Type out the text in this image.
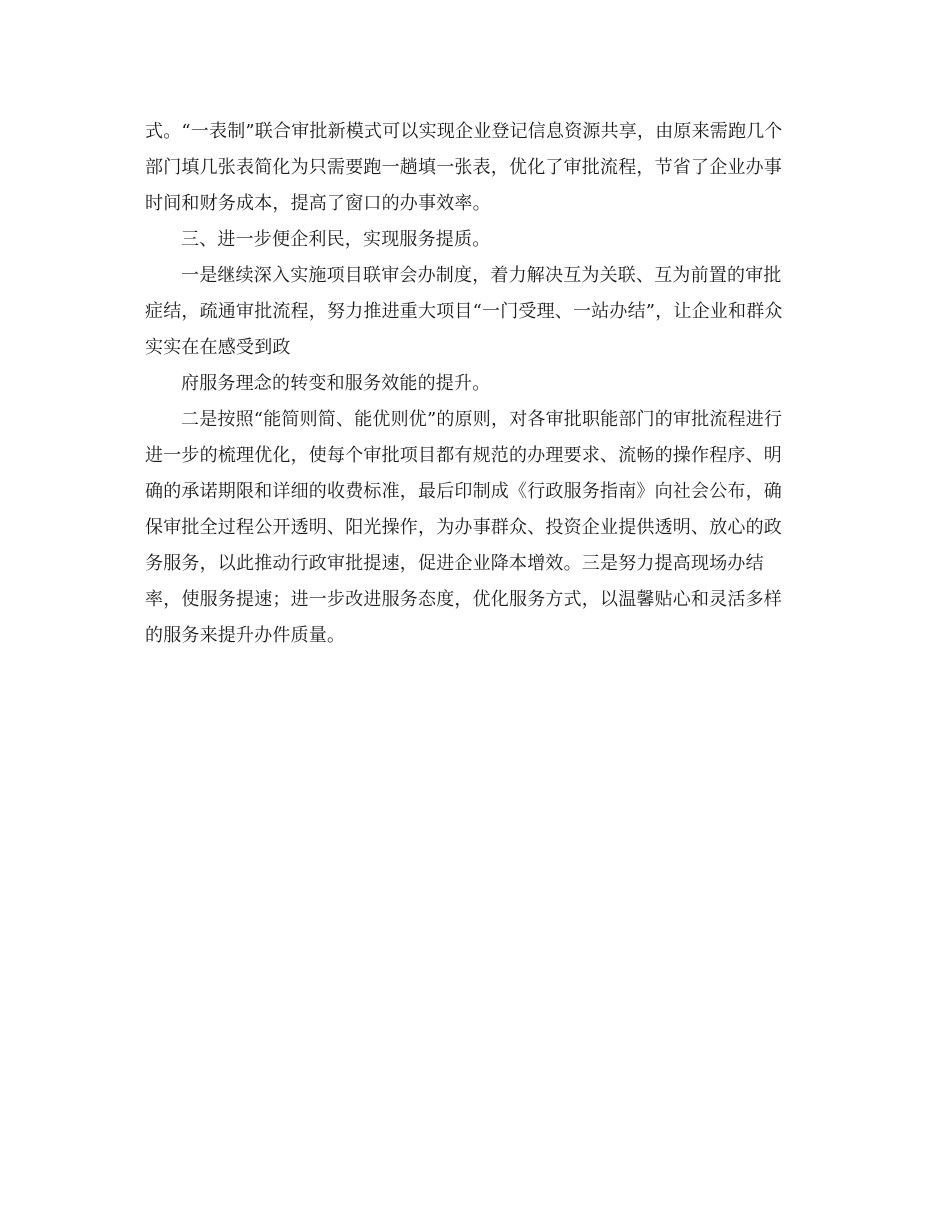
式。“一表制”联合审批新模式可以实现企业登记信息资源共享，由原来需跑几个
部门填几张表简化为只需要跑一趟填一张表，优化了审批流程，节省了企业办事
时间和财务成本，提高了窗口的办事效率。
三、进一步便企利民，实现服务提质。
一是继续深入实施项目联审会办制度，着力解决互为关联、互为前置的审批
症结，疏通审批流程，努力推进重大项目“一门受理、一站办结”，让企业和群众
实实在在感受到政
府服务理念的转变和服务效能的提升。
二是按照“能简则简、能优则优”的原则，对各审批职能部门的审批流程进行
进一步的梳理优化，使每个审批项目都有规范的办理要求、流畅的操作程序、明
确的承诺期限和详细的收费标准，最后印制成《行政服务指南》向社会公布，确
保审批全过程公开透明、阳光操作，为办事群众、投资企业提供透明、放心的政
务服务，以此推动行政审批提速，促进企业降本增效。三是努力提高现场办结
率，使服务提速；进一步改进服务态度，优化服务方式，以温馨贴心和灵活多样
的服务来提升办件质量。
